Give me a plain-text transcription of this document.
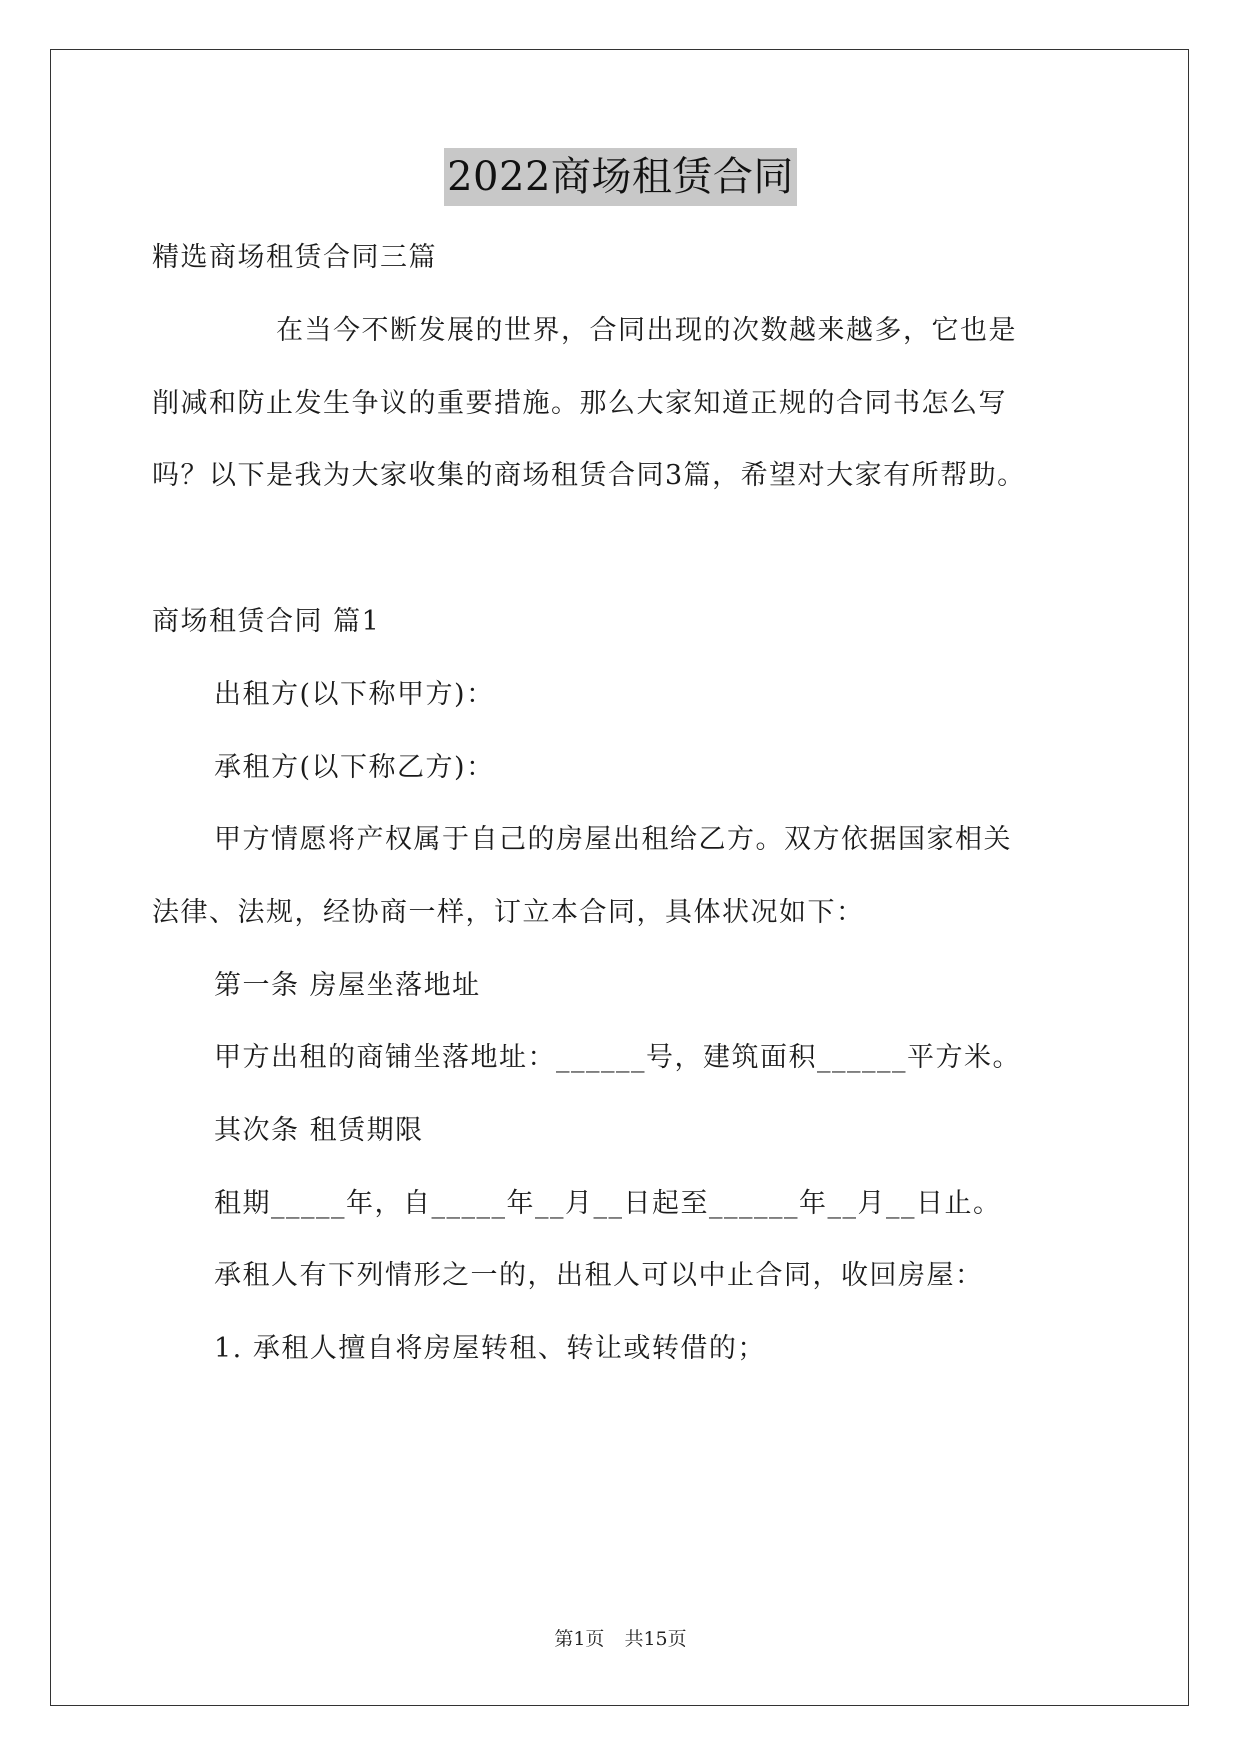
2022商场租赁合同
精选商场租赁合同三篇
在当今不断发展的世界，合同出现的次数越来越多，它也是
削减和防止发生争议的重要措施。那么大家知道正规的合同书怎么写
吗？以下是我为大家收集的商场租赁合同3篇，希望对大家有所帮助。
商场租赁合同 篇1
出租方(以下称甲方)：
承租方(以下称乙方)：
甲方情愿将产权属于自己的房屋出租给乙方。双方依据国家相关
法律、法规，经协商一样，订立本合同，具体状况如下：
第一条 房屋坐落地址
甲方出租的商铺坐落地址：______号，建筑面积______平方米。
其次条 租赁期限
租期_____年，自_____年__月__日起至______年__月__日止。
承租人有下列情形之一的，出租人可以中止合同，收回房屋：
1. 承租人擅自将房屋转租、转让或转借的；
第1页 共15页
